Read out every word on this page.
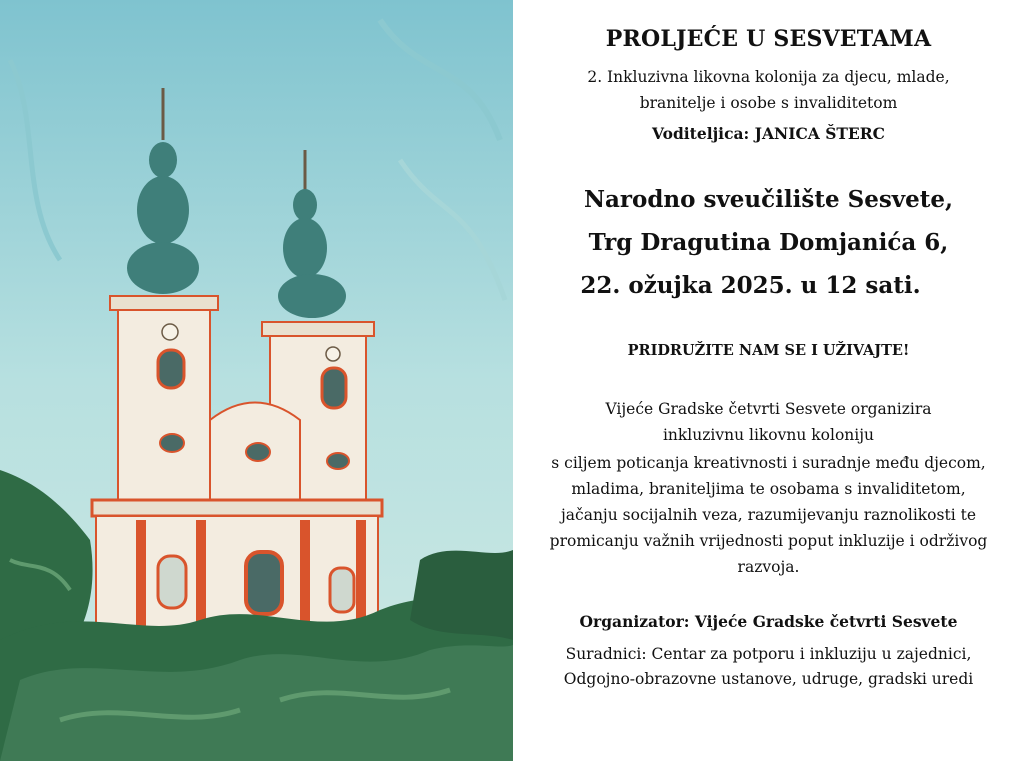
PROLJEĆE U SESVETAMA
2. Inkluzivna likovna kolonija za djecu, mlade,
branitelje i osobe s invaliditetom
Voditeljica: JANICA ŠTERC
Narodno sveučilište Sesvete,
Trg Dragutina Domjanića 6,
22. ožujka 2025. u 12 sati.
PRIDRUŽITE NAM SE I UŽIVAJTE!
Vijeće Gradske četvrti Sesvete organizira
inkluzivnu likovnu koloniju
s ciljem poticanja kreativnosti i suradnje među djecom,
mladima, braniteljima te osobama s invaliditetom,
jačanju socijalnih veza, razumijevanju raznolikosti te
promicanju važnih vrijednosti poput inkluzije i održivog
razvoja.
Organizator: Vijeće Gradske četvrti Sesvete
Suradnici: Centar za potporu i inkluziju u zajednici,
Odgojno-obrazovne ustanove, udruge, gradski uredi
